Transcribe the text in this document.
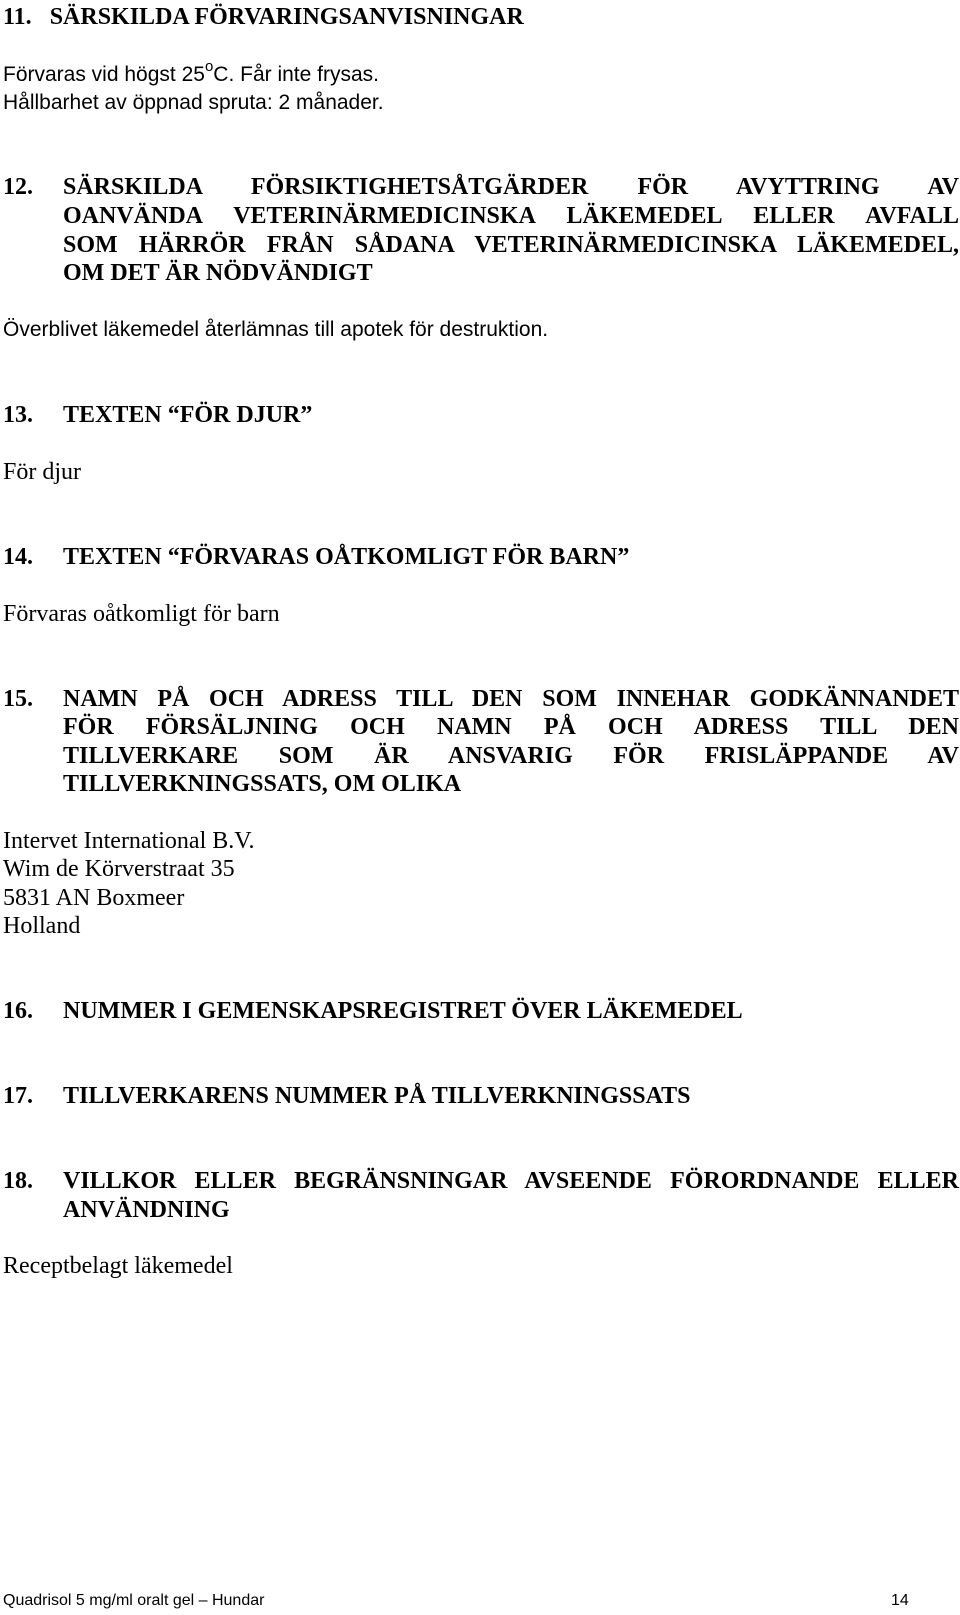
11. SÄRSKILDA FÖRVARINGSANVISNINGAR
Förvaras vid högst 25$^o$C. Får inte frysas.
Hållbarhet av öppnad spruta: 2 månader.
12. SÄRSKILDA FÖRSIKTIGHETSÅTGÄRDER FÖR AVYTTRING AV
OANVÄNDA VETERINÄRMEDICINSKA LÄKEMEDEL ELLER AVFALL
SOM HÄRRÖR FRÅN SÅDANA VETERINÄRMEDICINSKA LÄKEMEDEL,
OM DET ÄR NÖDVÄNDIGT
Överblivet läkemedel återlämnas till apotek för destruktion.
13. TEXTEN “FÖR DJUR”
För djur
14. TEXTEN “FÖRVARAS OÅTKOMLIGT FÖR BARN”
Förvaras oåtkomligt för barn
15. NAMN PÅ OCH ADRESS TILL DEN SOM INNEHAR GODKÄNNANDET
FÖR FÖRSÄLJNING OCH NAMN PÅ OCH ADRESS TILL DEN
TILLVERKARE SOM ÄR ANSVARIG FÖR FRISLÄPPANDE AV
TILLVERKNINGSSATS, OM OLIKA
Intervet International B.V.
Wim de Körverstraat 35
5831 AN Boxmeer
Holland
16. NUMMER I GEMENSKAPSREGISTRET ÖVER LÄKEMEDEL
17. TILLVERKARENS NUMMER PÅ TILLVERKNINGSSATS
18. VILLKOR ELLER BEGRÄNSNINGAR AVSEENDE FÖRORDNANDE ELLER
ANVÄNDNING
Receptbelagt läkemedel
Quadrisol 5 mg/ml oralt gel – Hundar	14
